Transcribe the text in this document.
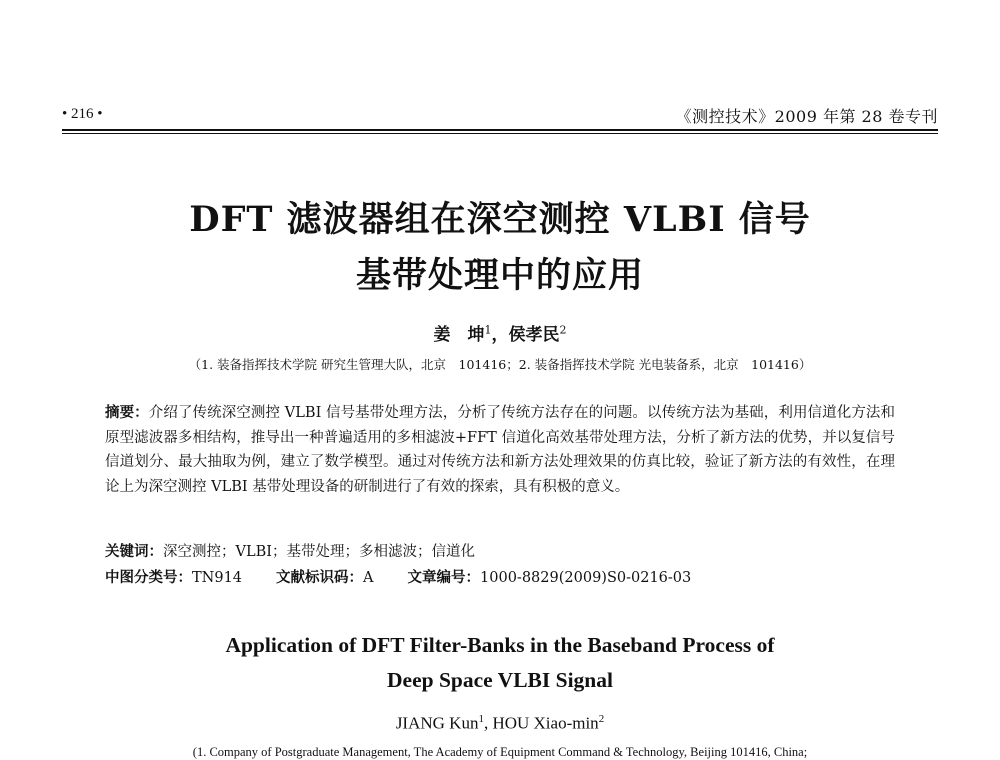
• 216 •	《测控技术》2009 年第 28 卷专刊
DFT 滤波器组在深空测控 VLBI 信号
基带处理中的应用
姜　坤$^1$，侯孝民$^2$
（1. 装备指挥技术学院 研究生管理大队，北京　101416；2. 装备指挥技术学院 光电装备系，北京　101416）
摘要：介绍了传统深空测控 VLBI 信号基带处理方法，分析了传统方法存在的问题。以传统方法为基础，利用信道化方法和原型滤波器多相结构，推导出一种普遍适用的多相滤波+FFT 信道化高效基带处理方法，分析了新方法的优势，并以复信号信道划分、最大抽取为例，建立了数学模型。通过对传统方法和新方法处理效果的仿真比较，验证了新方法的有效性，在理论上为深空测控 VLBI 基带处理设备的研制进行了有效的探索，具有积极的意义。
关键词：深空测控；VLBI；基带处理；多相滤波；信道化
中图分类号：TN914 文献标识码：A 文章编号：1000-8829(2009)S0-0216-03
Application of DFT Filter-Banks in the Baseband Process of
Deep Space VLBI Signal
JIANG Kun$^1$, HOU Xiao-$\min^2$
(1. Company of Postgraduate Management, The Academy of Equipment Command & Technology, Beijing 101416, China;
